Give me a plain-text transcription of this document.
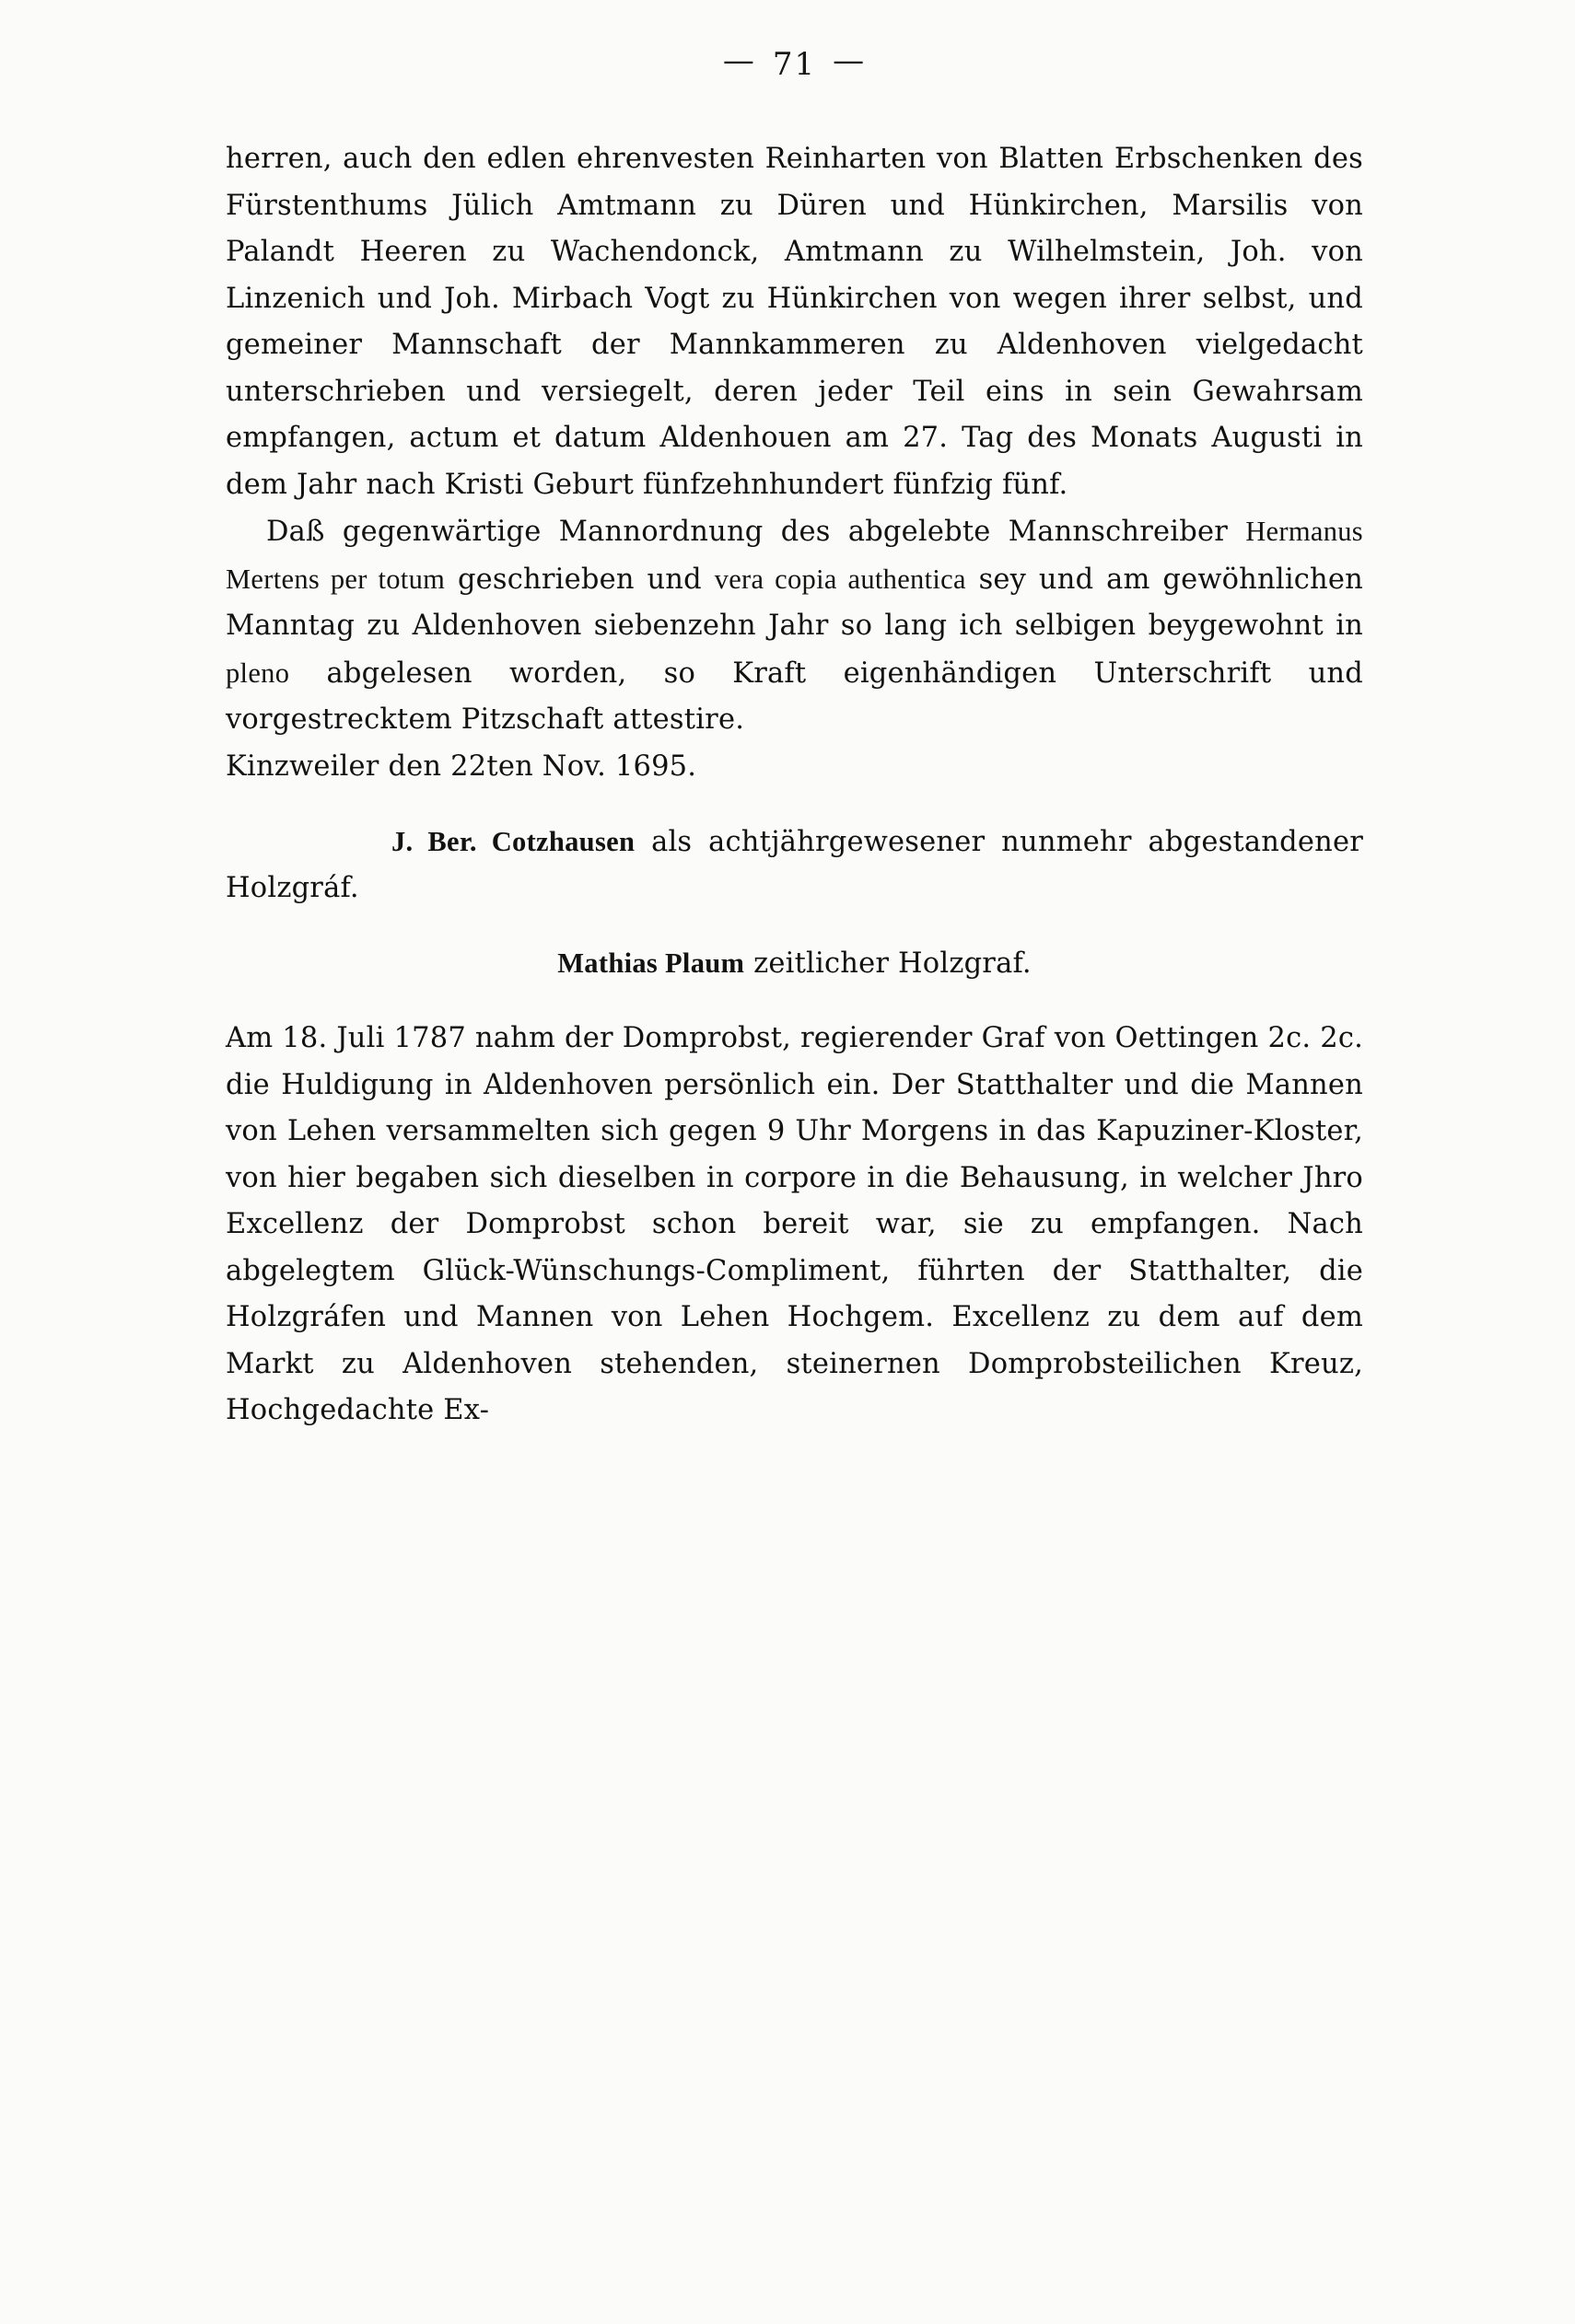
— 71 —

herren, auch den edlen ehrenvesten Reinharten von Blatten Erbschenken des Fürstenthums Jülich Amtmann zu Düren und Hünkirchen, Marsilis von Palandt Heeren zu Wachendonck, Amtmann zu Wilhelmstein, Joh. von Linzenich und Joh. Mirbach Vogt zu Hünkirchen von wegen ihrer selbst, und gemeiner Mannschaft der Mannkammeren zu Aldenhoven vielgedacht unterschrieben und versiegelt, deren jeder Teil eins in sein Gewahrsam empfangen, actum et datum Aldenhouen am 27. Tag des Monats Augusti in dem Jahr nach Kristi Geburt fünfzehnhundert fünfzig fünf.

Daß gegenwärtige Mannordnung des abgelebte Mannschreiber Hermanus Mertens per totum geschrieben und vera copia authentica sey und am gewöhnlichen Manntag zu Aldenhoven siebenzehn Jahr so lang ich selbigen beygewohnt in pleno abgelesen worden, so Kraft eigenhändigen Unterschrift und vorgestrecktem Pitzschaft attestire.

Kinzweiler den 22ten Nov. 1695.

J. Ber. Cotzhausen als achtjährgewesener nunmehr abgestandener Holzgráf.

Mathias Plaum zeitlicher Holzgraf.

Am 18. Juli 1787 nahm der Domprobst, regierender Graf von Oettingen 2c. 2c. die Huldigung in Aldenhoven persönlich ein. Der Statthalter und die Mannen von Lehen versammelten sich gegen 9 Uhr Morgens in das Kapuziner-Kloster, von hier begaben sich dieselben in corpore in die Behausung, in welcher Jhro Excellenz der Domprobst schon bereit war, sie zu empfangen. Nach abgelegtem Glück-Wünschungs-Compliment, führten der Statthalter, die Holzgráfen und Mannen von Lehen Hochgem. Excellenz zu dem auf dem Markt zu Aldenhoven stehenden, steinernen Domprobsteilichen Kreuz, Hochgedachte Ex-
